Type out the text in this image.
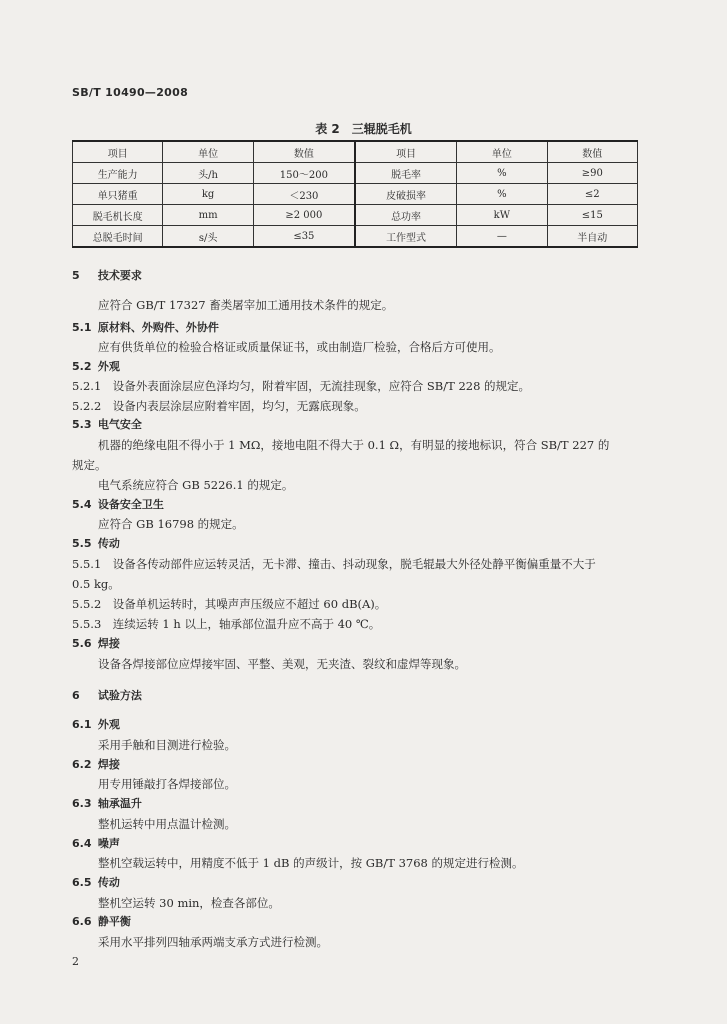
SB/T 10490—2008
表 2　三辊脱毛机
项目	单位	数值	项目	单位	数值
生产能力	头/h	150～200	脱毛率	%	≥90
单只猪重	kg	＜230	皮破损率	%	≤2
脱毛机长度	mm	≥2 000	总功率	kW	≤15
总脱毛时间	s/头	≤35	工作型式	—	半自动
5 技术要求
应符合 GB/T 17327 畜类屠宰加工通用技术条件的规定。
5.1 原材料、外购件、外协件
应有供货单位的检验合格证或质量保证书，或由制造厂检验，合格后方可使用。
5.2 外观
5.2.1　 设备外表面涂层应色泽均匀，附着牢固，无流挂现象，应符合 SB/T 228 的规定。
5.2.2　 设备内表层涂层应附着牢固，均匀，无露底现象。
5.3 电气安全
机器的绝缘电阻不得小于 1 MΩ，接地电阻不得大于 0.1 Ω，有明显的接地标识，符合 SB/T 227 的
规定。
电气系统应符合 GB 5226.1 的规定。
5.4 设备安全卫生
应符合 GB 16798 的规定。
5.5 传动
5.5.1　 设备各传动部件应运转灵活，无卡滞、撞击、抖动现象，脱毛辊最大外径处静平衡偏重量不大于
0.5 kg。
5.5.2　 设备单机运转时，其噪声声压级应不超过 60 dB(A)。
5.5.3　 连续运转 1 h 以上，轴承部位温升应不高于 40 ℃。
5.6 焊接
设备各焊接部位应焊接牢固、平整、美观，无夹渣、裂纹和虚焊等现象。
6 试验方法
6.1 外观
采用手触和目测进行检验。
6.2 焊接
用专用锤敲打各焊接部位。
6.3 轴承温升
整机运转中用点温计检测。
6.4 噪声
整机空载运转中，用精度不低于 1 dB 的声级计，按 GB/T 3768 的规定进行检测。
6.5 传动
整机空运转 30 min，检查各部位。
6.6 静平衡
采用水平排列四轴承两端支承方式进行检测。
2
